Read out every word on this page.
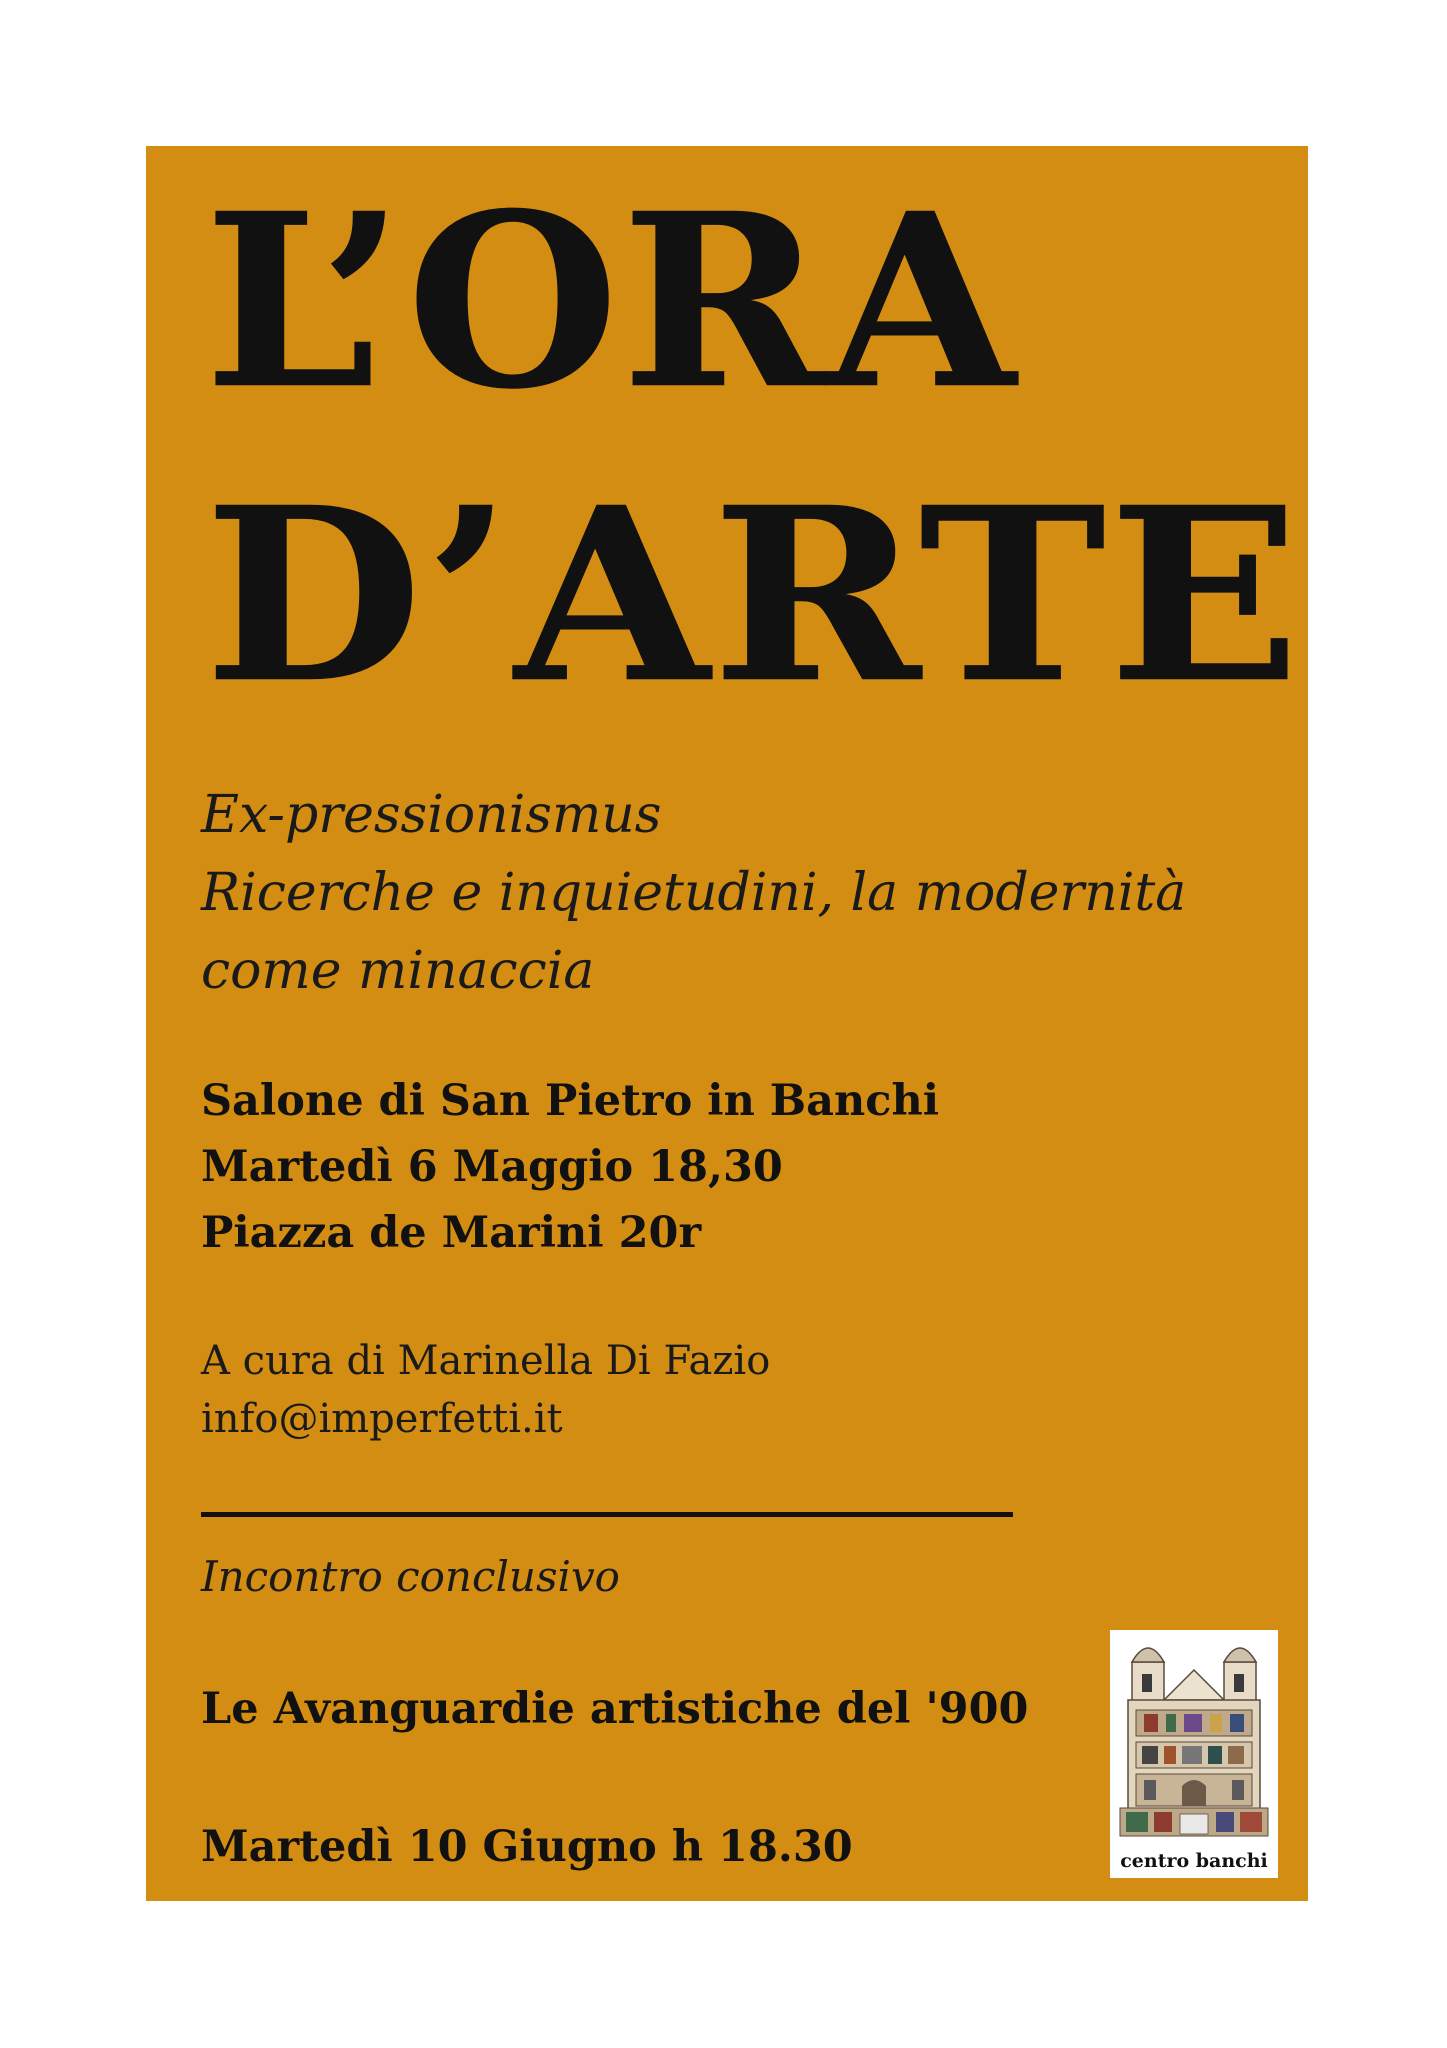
L’ORA
D’ARTE
Ex-pressionismus
Ricerche e inquietudini, la modernità
come minaccia
Salone di San Pietro in Banchi
Martedì 6 Maggio 18,30
Piazza de Marini 20r
A cura di Marinella Di Fazio
info@imperfetti.it
Incontro conclusivo
Le Avanguardie artistiche del '900
Martedì 10 Giugno h 18.30	centro banchi
